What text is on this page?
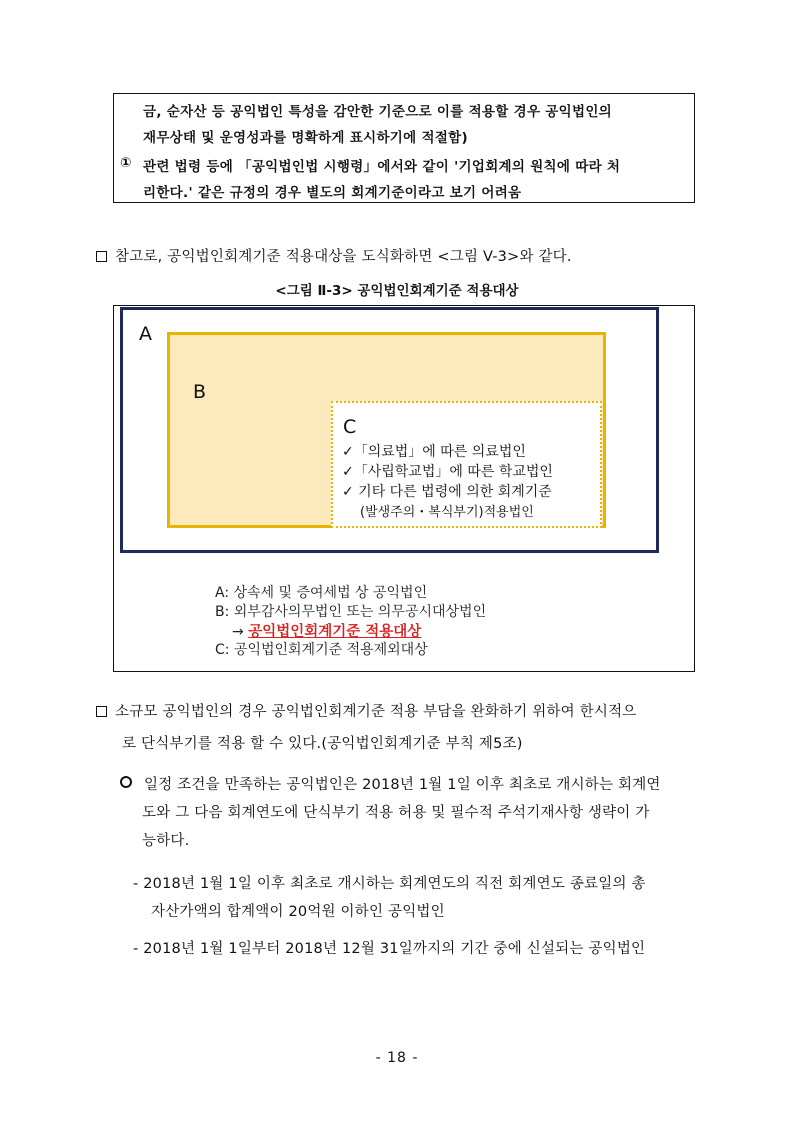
금, 순자산 등 공익법인 특성을 감안한 기준으로 이를 적용할 경우 공익법인의
재무상태 및 운영성과를 명확하게 표시하기에 적절함)
① 관련 법령 등에 「공익법인법 시행령」에서와 같이 '기업회계의 원칙에 따라 처
리한다.' 같은 규정의 경우 별도의 회계기준이라고 보기 어려움
참고로, 공익법인회계기준 적용대상을 도식화하면 <그림 V-3>와 같다.
<그림 Ⅱ-3> 공익법인회계기준 적용대상
A
B
C
✓「의료법」에 따른 의료법인
✓「사립학교법」에 따른 학교법인
✓ 기타 다른 법령에 의한 회계기준
(발생주의・복식부기)적용법인
A: 상속세 및 증여세법 상 공익법인
B: 외부감사의무법인 또는 의무공시대상법인
→ 공익법인회계기준 적용대상
C: 공익법인회계기준 적용제외대상
소규모 공익법인의 경우 공익법인회계기준 적용 부담을 완화하기 위하여 한시적으
로 단식부기를 적용 할 수 있다.(공익법인회계기준 부칙 제5조)
일정 조건을 만족하는 공익법인은 2018년 1월 1일 이후 최초로 개시하는 회계연
도와 그 다음 회계연도에 단식부기 적용 허용 및 필수적 주석기재사항 생략이 가
능하다.
- 2018년 1월 1일 이후 최초로 개시하는 회계연도의 직전 회계연도 종료일의 총
자산가액의 합계액이 20억원 이하인 공익법인
- 2018년 1월 1일부터 2018년 12월 31일까지의 기간 중에 신설되는 공익법인
- 18 -
